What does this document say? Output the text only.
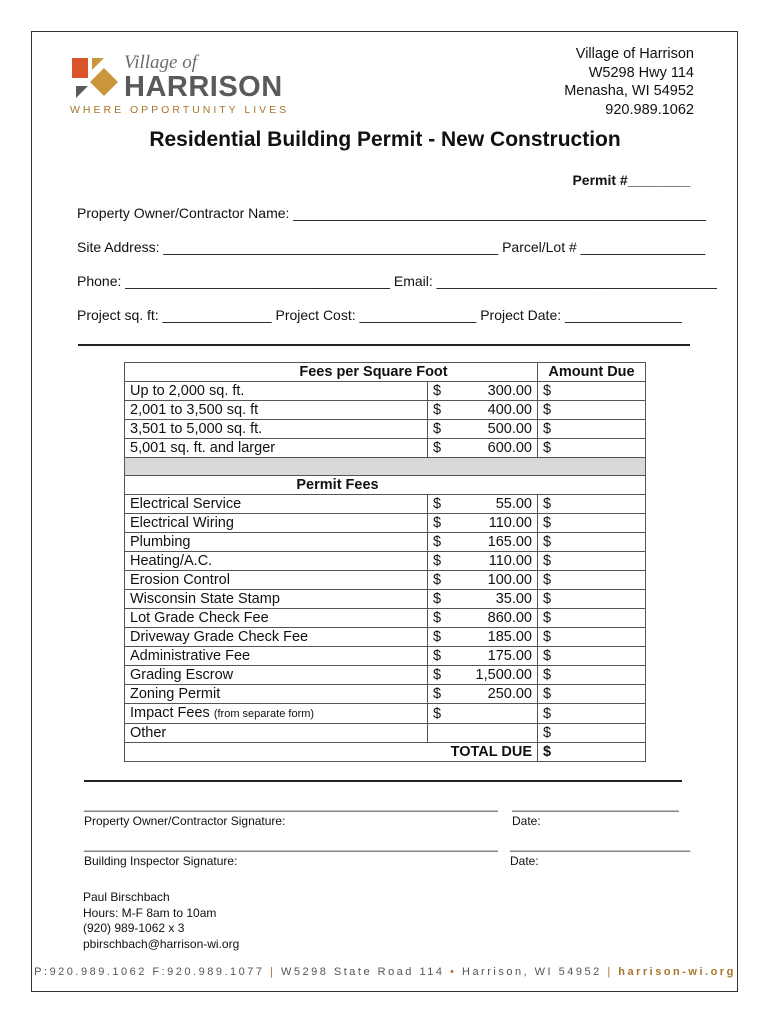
Village of
HARRISON
WHERE OPPORTUNITY LIVES
Village of Harrison
W5298 Hwy 114
Menasha, WI 54952
920.989.1062
Residential Building Permit - New Construction
Permit #________
Property Owner/Contractor Name: _____________________________________________________
Site Address: ___________________________________________ Parcel/Lot # ________________
Phone: __________________________________ Email: ____________________________________
Project sq. ft: ______________ Project Cost: _______________ Project Date: _______________
Fees per Square Foot		Amount Due
Up to 2,000 sq. ft.	$ 300.00	$
2,001 to 3,500 sq. ft	$ 400.00	$
3,501 to 5,000 sq. ft.	$ 500.00	$
5,001 sq. ft. and larger	$ 600.00	$

Permit Fees		
Electrical Service	$ 55.00	$
Electrical Wiring	$ 110.00	$
Plumbing	$ 165.00	$
Heating/A.C.	$ 110.00	$
Erosion Control	$ 100.00	$
Wisconsin State Stamp	$ 35.00	$
Lot Grade Check Fee	$ 860.00	$
Driveway Grade Check Fee	$ 185.00	$
Administrative Fee	$ 175.00	$
Grading Escrow	$ 1,500.00	$
Zoning Permit	$ 250.00	$
Impact Fees (from separate form)	$	$
Other		$
	TOTAL DUE	$
______________________________________________________________ _________________________
Property Owner/Contractor Signature:	Date:
______________________________________________________________ ___________________________
Building Inspector Signature:	Date:
Paul Birschbach
Hours: M-F 8am to 10am
(920) 989-1062 x 3
pbirschbach@harrison-wi.org
P:920.989.1062 F:920.989.1077 | W5298 State Road 114 • Harrison, WI 54952 | harrison-wi.org
